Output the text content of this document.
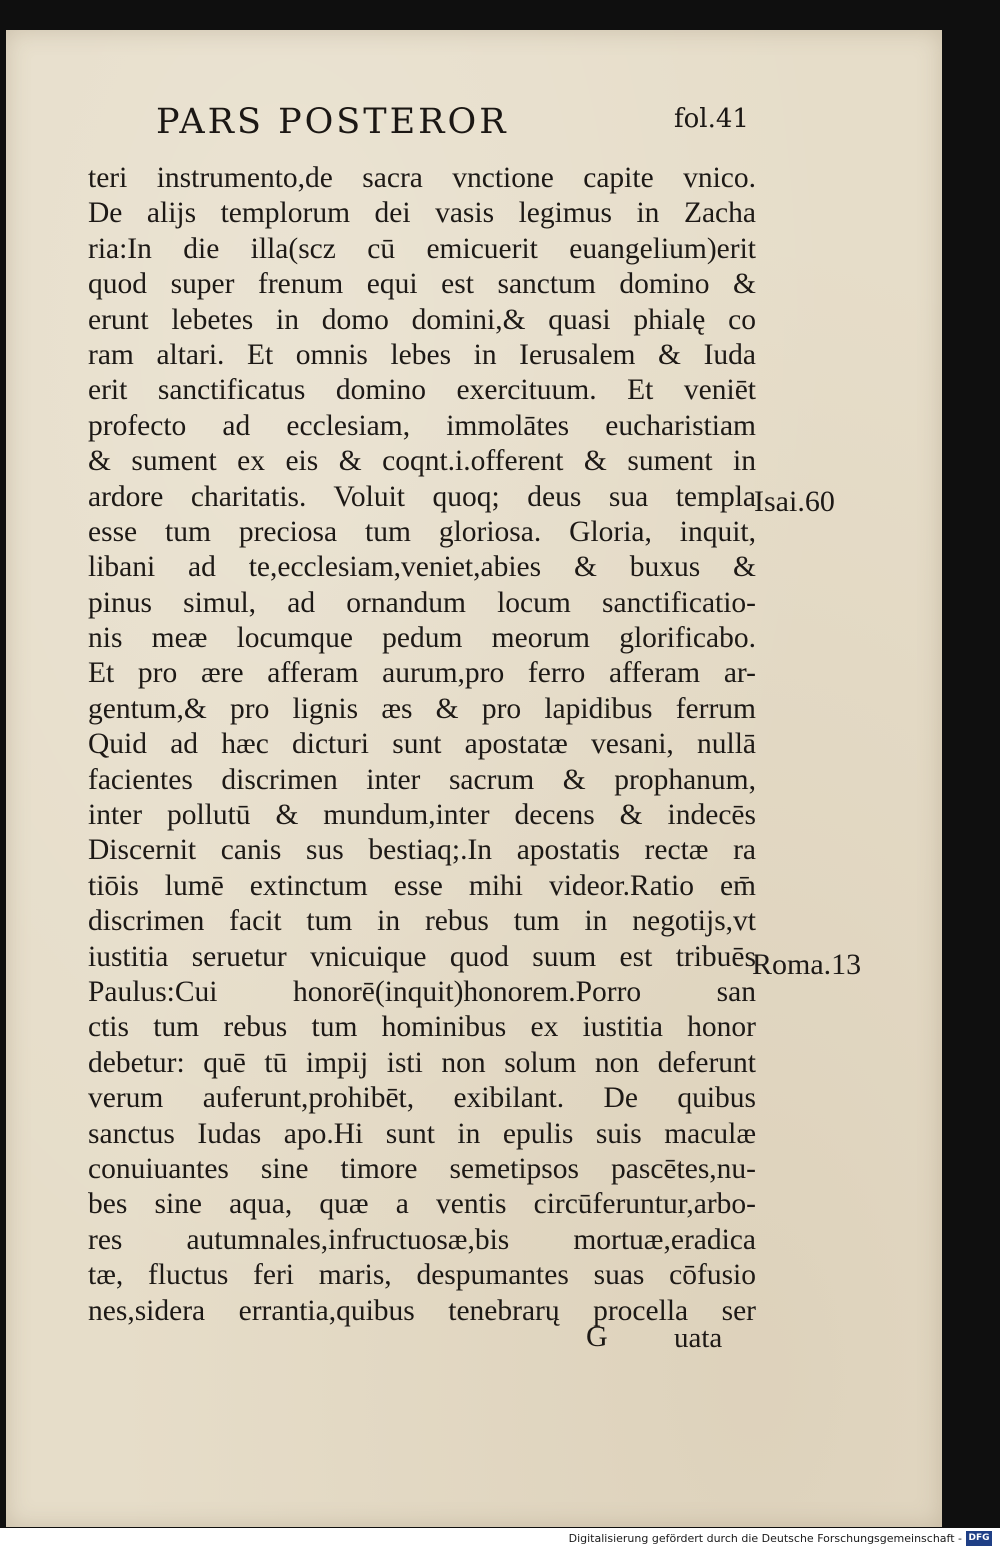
PARS POSTEROR	fol.41
teri instrumento,de sacra vnctione capite vnico.
De alijs templorum dei vasis legimus in Zacha
ria:In die illa(scz cū emicuerit euangelium)erit
quod super frenum equi est sanctum domino &
erunt lebetes in domo domini,& quasi phialę co
ram altari. Et omnis lebes in Ierusalem & Iuda
erit sanctificatus domino exercituum. Et veniēt
profecto ad ecclesiam, immolātes eucharistiam
& sument ex eis & coqnt.i.offerent & sument in
ardore charitatis. Voluit quoq; deus sua templa
esse tum preciosa tum gloriosa. Gloria, inquit,
libani ad te,ecclesiam,veniet,abies & buxus &
pinus simul, ad ornandum locum sanctificatio-
nis meæ locumque pedum meorum glorificabo.
Et pro ære afferam aurum,pro ferro afferam ar-
gentum,& pro lignis æs & pro lapidibus ferrum
Quid ad hæc dicturi sunt apostatæ vesani, nullā
facientes discrimen inter sacrum & prophanum,
inter pollutū & mundum,inter decens & indecēs
Discernit canis sus bestiaq;.In apostatis rectæ ra
tiōis lumē extinctum esse mihi videor.Ratio em̄
discrimen facit tum in rebus tum in negotijs,vt
iustitia seruetur vnicuique quod suum est tribuēs
Paulus:Cui honorē(inquit)honorem.Porro san
ctis tum rebus tum hominibus ex iustitia honor
debetur: quē tū impij isti non solum non deferunt
verum auferunt,prohibēt, exibilant. De quibus
sanctus Iudas apo.Hi sunt in epulis suis maculæ
conuiuantes sine timore semetipsos pascētes,nu-
bes sine aqua, quæ a ventis circūferuntur,arbo-
res autumnales,infructuosæ,bis mortuæ,eradica
tæ, fluctus feri maris, despumantes suas cōfusio
nes,sidera errantia,quibus tenebrarų procella ser
Isai.60
Roma.13
G uata
Digitalisierung gefördert durch die Deutsche Forschungsgemeinschaft - DFG
